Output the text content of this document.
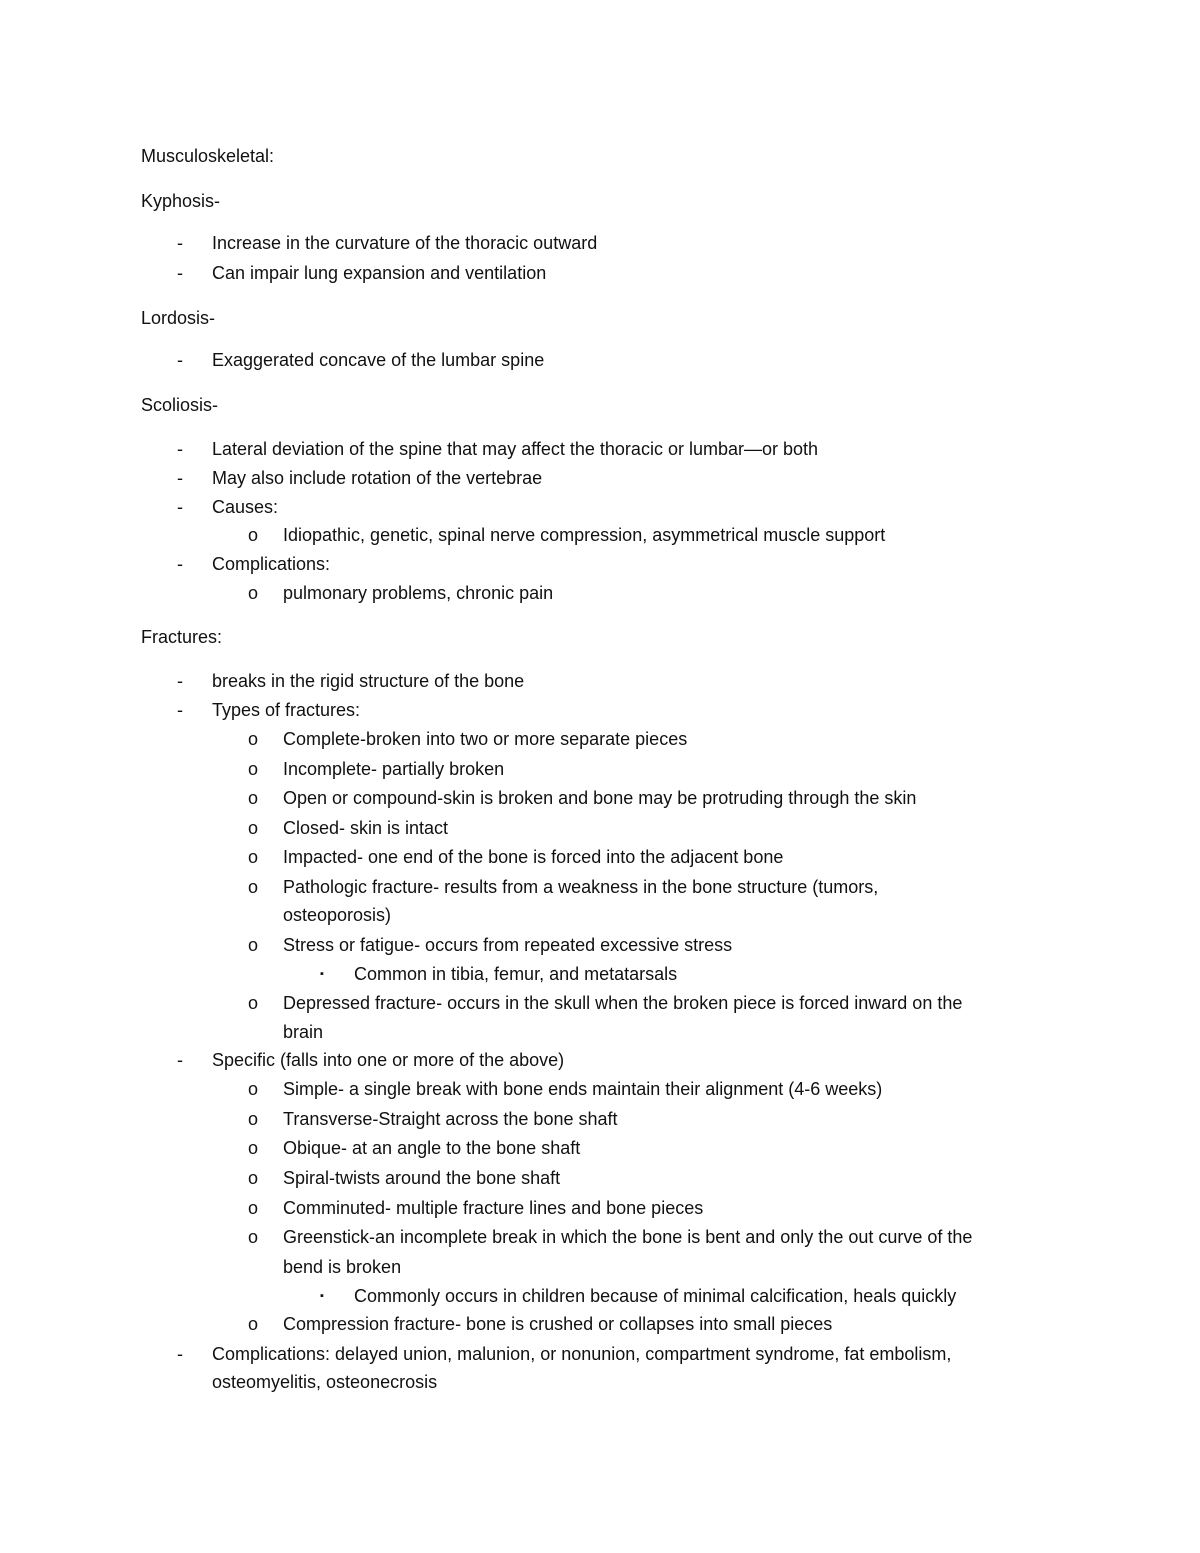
Musculoskeletal:
Kyphosis-
-	Increase in the curvature of the thoracic outward
-	Can impair lung expansion and ventilation
Lordosis-
-	Exaggerated concave of the lumbar spine
Scoliosis-
-	Lateral deviation of the spine that may affect the thoracic or lumbar—or both
-	May also include rotation of the vertebrae
-	Causes:
o Idiopathic, genetic, spinal nerve compression, asymmetrical muscle support
-	Complications:
o pulmonary problems, chronic pain
Fractures:
-	breaks in the rigid structure of the bone
-	Types of fractures:
o Complete-broken into two or more separate pieces
o Incomplete- partially broken
o Open or compound-skin is broken and bone may be protruding through the skin
o Closed- skin is intact
o Impacted- one end of the bone is forced into the adjacent bone
o Pathologic fracture- results from a weakness in the bone structure (tumors,
osteoporosis)
o Stress or fatigue- occurs from repeated excessive stress
▪	Common in tibia, femur, and metatarsals
o Depressed fracture- occurs in the skull when the broken piece is forced inward on the
brain
-	Specific (falls into one or more of the above)
o Simple- a single break with bone ends maintain their alignment (4-6 weeks)
o Transverse-Straight across the bone shaft
o Obique- at an angle to the bone shaft
o Spiral-twists around the bone shaft
o Comminuted- multiple fracture lines and bone pieces
o Greenstick-an incomplete break in which the bone is bent and only the out curve of the
bend is broken
▪	Commonly occurs in children because of minimal calcification, heals quickly
o Compression fracture- bone is crushed or collapses into small pieces
-	Complications: delayed union, malunion, or nonunion, compartment syndrome, fat embolism,
osteomyelitis, osteonecrosis
